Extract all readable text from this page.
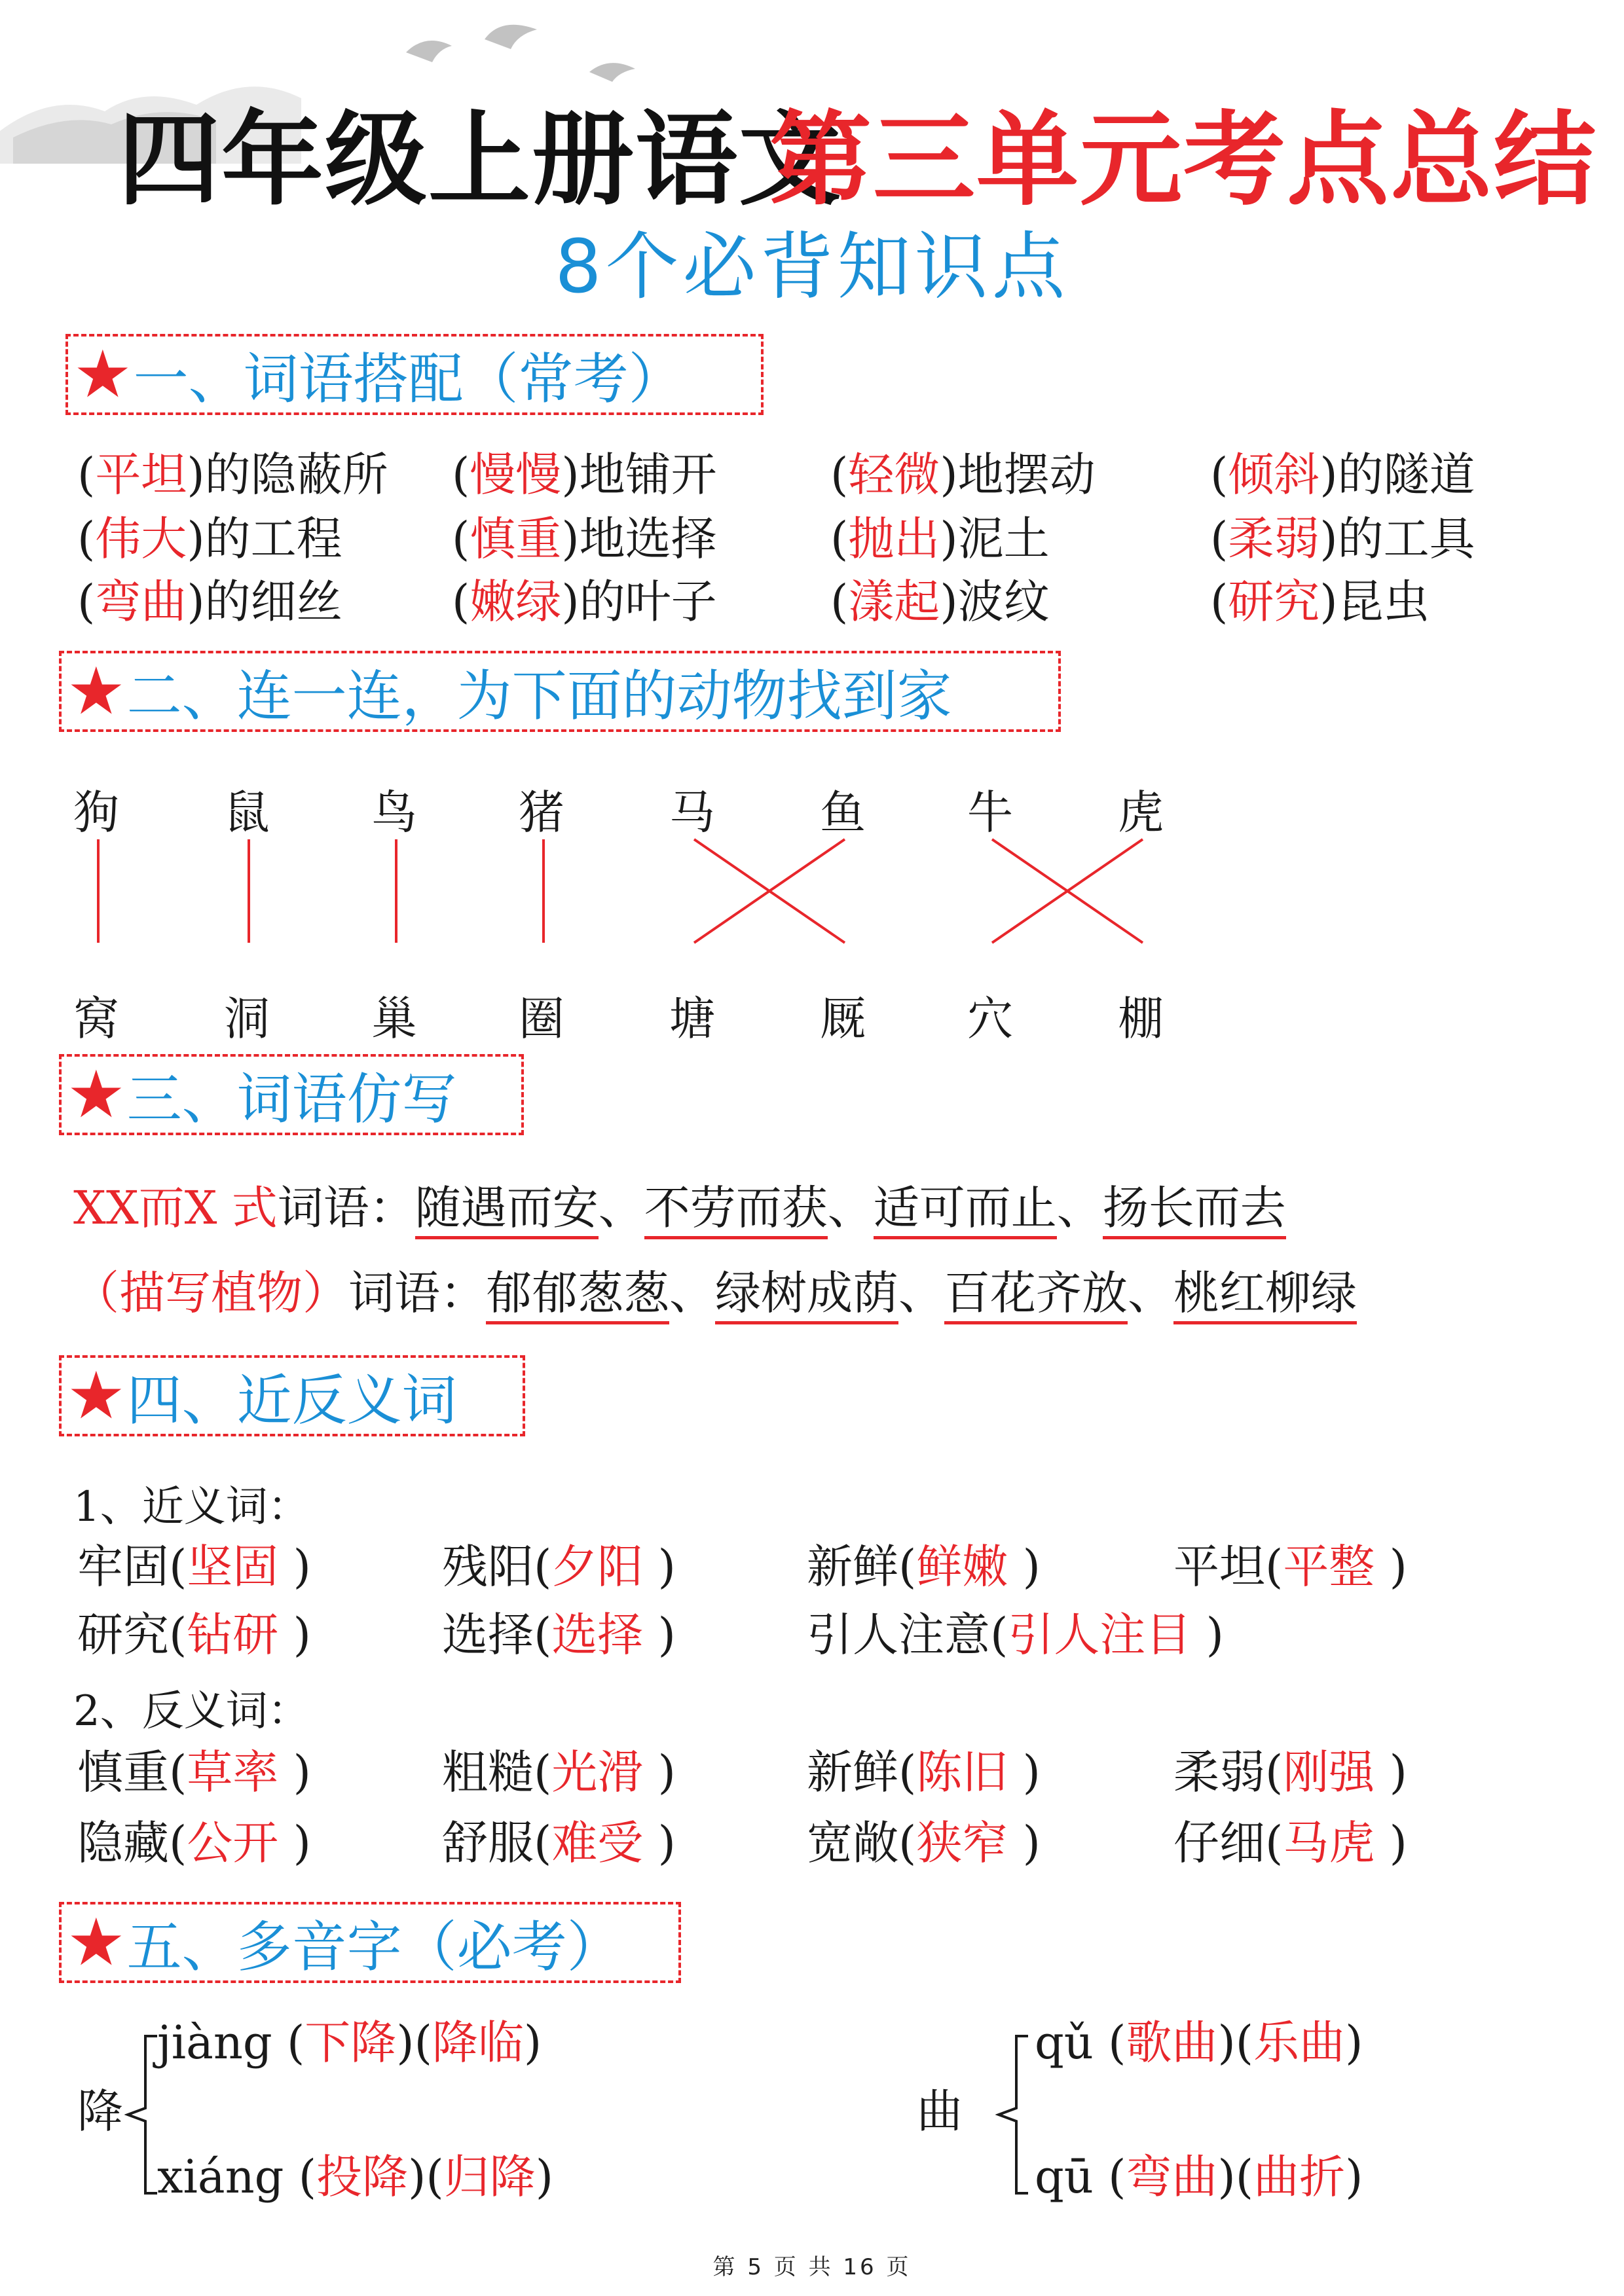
四年级上册语文
第三单元考点总结
8个必背知识点
★ 一、词语搭配（常考）
(平坦)的隐蔽所 (慢慢)地铺开 (轻微)地摆动	(倾斜)的隧道
(伟大)的工程 (慎重)地选择 (抛出)泥土	(柔弱)的工具
(弯曲)的细丝 (嫩绿)的叶子 (漾起)波纹	(研究)昆虫
★ 二、连一连，为下面的动物找到家
狗 鼠 鸟 猪 马 鱼 牛 虎
窝 洞 巢 圈 塘 厩 穴 棚
★ 三、词语仿写
XX而X 式词语：随遇而安、不劳而获、适可而止、扬长而去
（描写植物）词语：郁郁葱葱、绿树成荫、百花齐放、桃红柳绿
★ 四、近反义词
1、近义词：
牢固(坚固 )	残阳(夕阳 )	新鲜(鲜嫩 )	平坦(平整 )
研究(钻研 )	选择(选择 )	引人注意(引人注目 )
2、反义词：
慎重(草率 )	粗糙(光滑 )	新鲜(陈旧 )	柔弱(刚强 )
隐藏(公开 )	舒服(难受 )	宽敞(狭窄 )	仔细(马虎 )
★ 五、多音字（必考）
降
jiàng (下降)(降临)
xiáng (投降)(归降)
曲
qǔ (歌曲)(乐曲)
qū (弯曲)(曲折)
第 5 页 共 16 页
